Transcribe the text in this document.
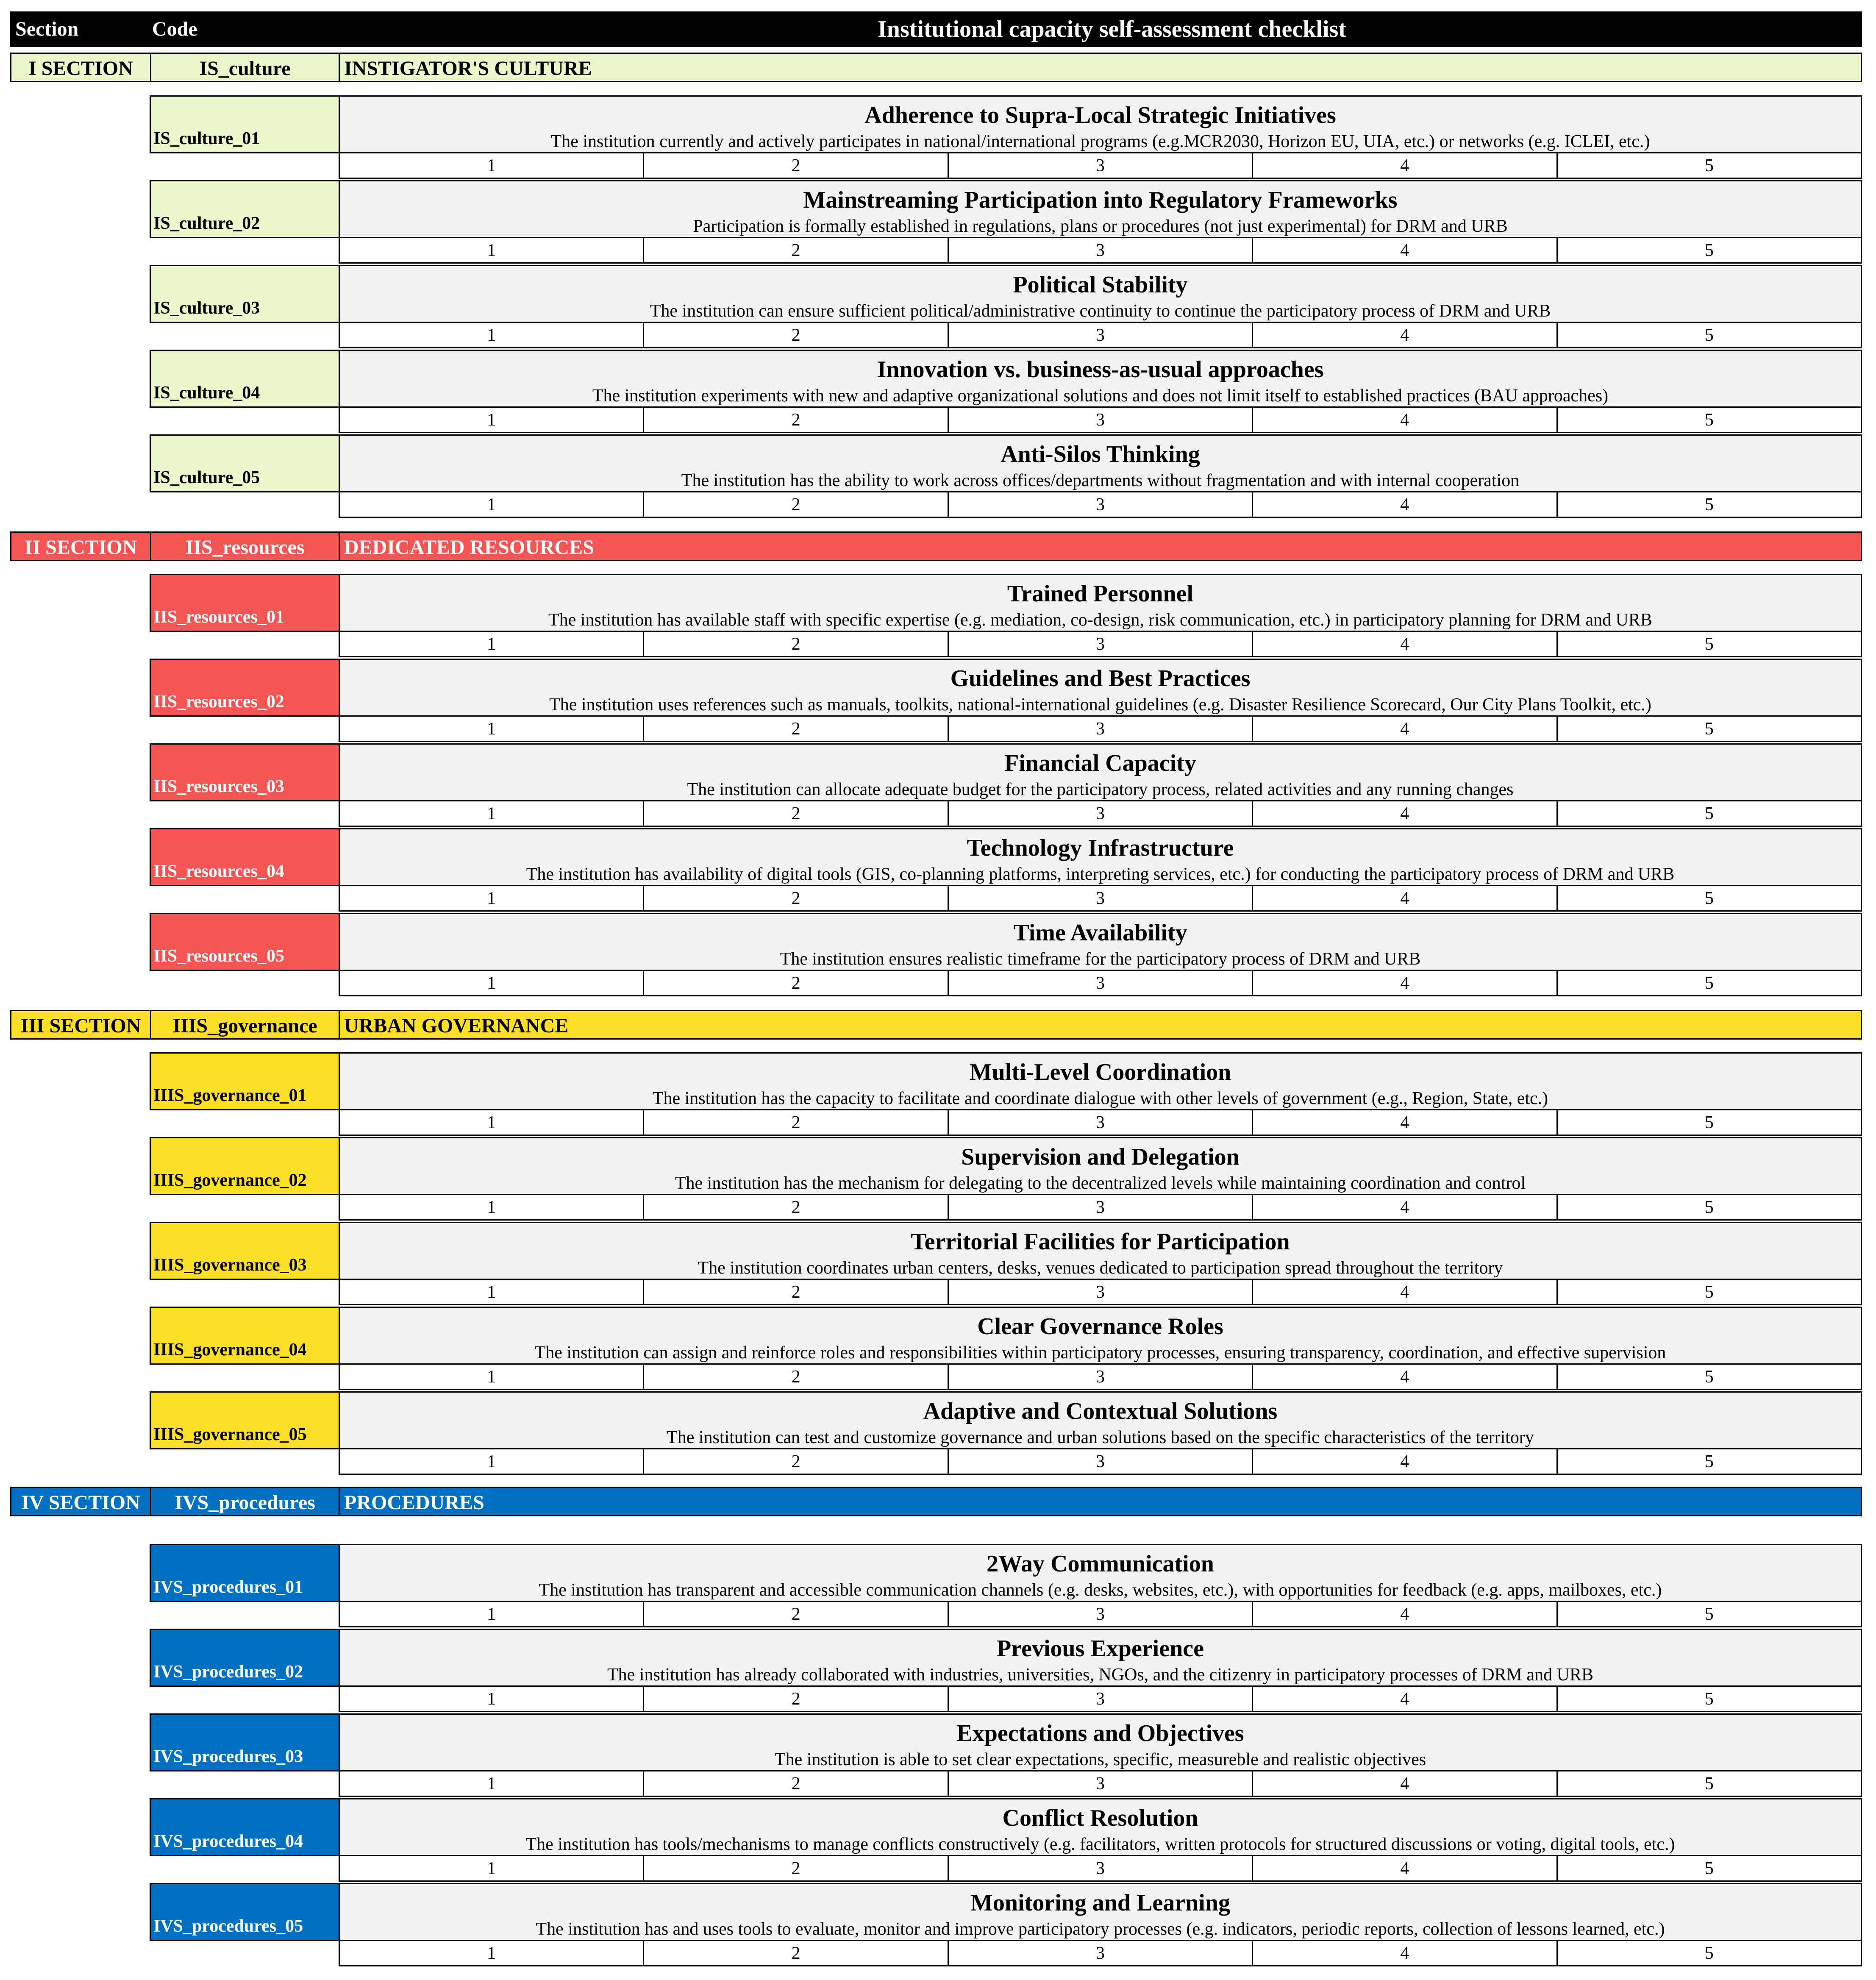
Section	Code	Institutional capacity self-assessment checklist
I SECTION	IS_culture	INSTIGATOR'S CULTURE
IS_culture_01
Adherence to Supra-Local Strategic Initiatives
The institution currently and actively participates in national/international programs (e.g.MCR2030, Horizon EU, UIA, etc.) or networks (e.g. ICLEI, etc.)
1	2	3	4	5
IS_culture_02
Mainstreaming Participation into Regulatory Frameworks
Participation is formally established in regulations, plans or procedures (not just experimental) for DRM and URB
1	2	3	4	5
IS_culture_03
Political Stability
The institution can ensure sufficient political/administrative continuity to continue the participatory process of DRM and URB
1	2	3	4	5
IS_culture_04
Innovation vs. business-as-usual approaches
The institution experiments with new and adaptive organizational solutions and does not limit itself to established practices (BAU approaches)
1	2	3	4	5
IS_culture_05
Anti-Silos Thinking
The institution has the ability to work across offices/departments without fragmentation and with internal cooperation
1	2	3	4	5
II SECTION	IIS_resources	DEDICATED RESOURCES
IIS_resources_01
Trained Personnel
The institution has available staff with specific expertise (e.g. mediation, co-design, risk communication, etc.) in participatory planning for DRM and URB
1	2	3	4	5
IIS_resources_02
Guidelines and Best Practices
The institution uses references such as manuals, toolkits, national-international guidelines (e.g. Disaster Resilience Scorecard, Our City Plans Toolkit, etc.)
1	2	3	4	5
IIS_resources_03
Financial Capacity
The institution can allocate adequate budget for the participatory process, related activities and any running changes
1	2	3	4	5
IIS_resources_04
Technology Infrastructure
The institution has availability of digital tools (GIS, co-planning platforms, interpreting services, etc.) for conducting the participatory process of DRM and URB
1	2	3	4	5
IIS_resources_05
Time Availability
The institution ensures realistic timeframe for the participatory process of DRM and URB
1	2	3	4	5
III SECTION	IIIS_governance	URBAN GOVERNANCE
IIIS_governance_01
Multi-Level Coordination
The institution has the capacity to facilitate and coordinate dialogue with other levels of government (e.g., Region, State, etc.)
1	2	3	4	5
IIIS_governance_02
Supervision and Delegation
The institution has the mechanism for delegating to the decentralized levels while maintaining coordination and control
1	2	3	4	5
IIIS_governance_03
Territorial Facilities for Participation
The institution coordinates urban centers, desks, venues dedicated to participation spread throughout the territory
1	2	3	4	5
IIIS_governance_04
Clear Governance Roles
The institution can assign and reinforce roles and responsibilities within participatory processes, ensuring transparency, coordination, and effective supervision
1	2	3	4	5
IIIS_governance_05
Adaptive and Contextual Solutions
The institution can test and customize governance and urban solutions based on the specific characteristics of the territory
1	2	3	4	5
IV SECTION	IVS_procedures	PROCEDURES
IVS_procedures_01
2Way Communication
The institution has transparent and accessible communication channels (e.g. desks, websites, etc.), with opportunities for feedback (e.g. apps, mailboxes, etc.)
1	2	3	4	5
IVS_procedures_02
Previous Experience
The institution has already collaborated with industries, universities, NGOs, and the citizenry in participatory processes of DRM and URB
1	2	3	4	5
IVS_procedures_03
Expectations and Objectives
The institution is able to set clear expectations, specific, measureble and realistic objectives
1	2	3	4	5
IVS_procedures_04
Conflict Resolution
The institution has tools/mechanisms to manage conflicts constructively (e.g. facilitators, written protocols for structured discussions or voting, digital tools, etc.)
1	2	3	4	5
IVS_procedures_05
Monitoring and Learning
The institution has and uses tools to evaluate, monitor and improve participatory processes (e.g. indicators, periodic reports, collection of lessons learned, etc.)
1	2	3	4	5
